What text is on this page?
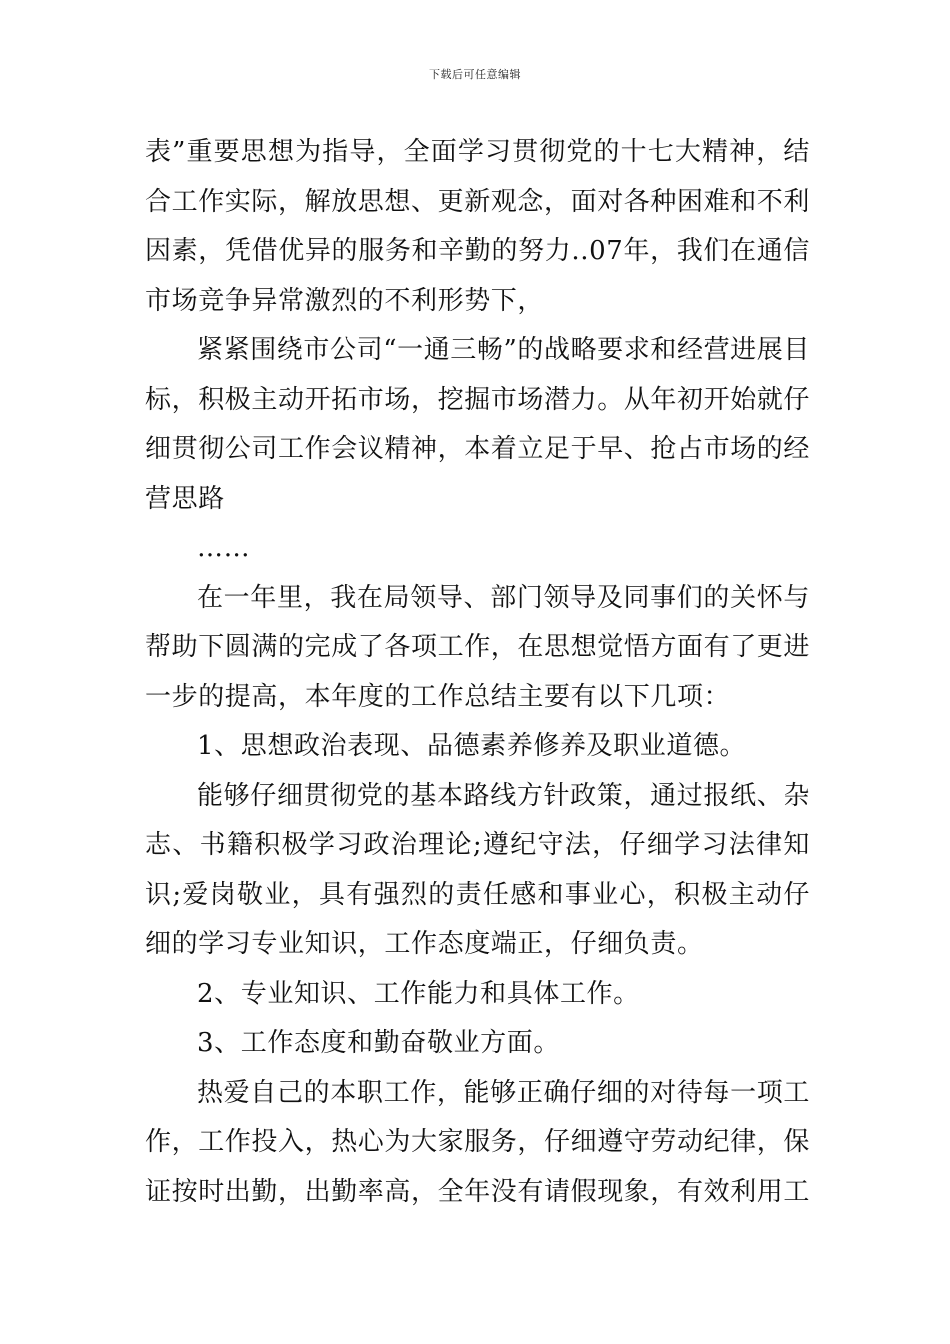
下载后可任意编辑

表”重要思想为指导，全面学习贯彻党的十七大精神，结合工作实际，解放思想、更新观念，面对各种困难和不利因素，凭借优异的服务和辛勤的努力..07年，我们在通信市场竞争异常激烈的不利形势下，

紧紧围绕市公司“一通三畅”的战略要求和经营进展目标，积极主动开拓市场，挖掘市场潜力。从年初开始就仔细贯彻公司工作会议精神，本着立足于早、抢占市场的经营思路

……

在一年里，我在局领导、部门领导及同事们的关怀与帮助下圆满的完成了各项工作，在思想觉悟方面有了更进一步的提高，本年度的工作总结主要有以下几项：

1、思想政治表现、品德素养修养及职业道德。

能够仔细贯彻党的基本路线方针政策，通过报纸、杂志、书籍积极学习政治理论;遵纪守法，仔细学习法律知识;爱岗敬业，具有强烈的责任感和事业心，积极主动仔细的学习专业知识，工作态度端正，仔细负责。

2、专业知识、工作能力和具体工作。

3、工作态度和勤奋敬业方面。

热爱自己的本职工作，能够正确仔细的对待每一项工作，工作投入，热心为大家服务，仔细遵守劳动纪律，保证按时出勤，出勤率高，全年没有请假现象，有效利用工
